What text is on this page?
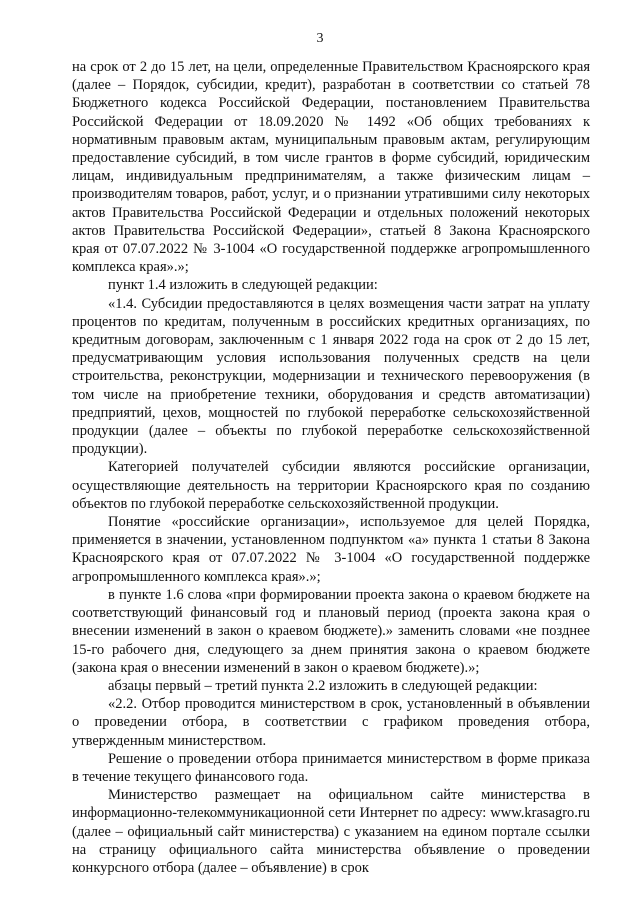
3

на срок от 2 до 15 лет, на цели, определенные Правительством Красноярского края (далее – Порядок, субсидии, кредит), разработан в соответствии со статьей 78 Бюджетного кодекса Российской Федерации, постановлением Правительства Российской Федерации от 18.09.2020 № 1492 «Об общих требованиях к нормативным правовым актам, муниципальным правовым актам, регулирующим предоставление субсидий, в том числе грантов в форме субсидий, юридическим лицам, индивидуальным предпринимателям, а также физическим лицам – производителям товаров, работ, услуг, и о признании утратившими силу некоторых актов Правительства Российской Федерации и отдельных положений некоторых актов Правительства Российской Федерации», статьей 8 Закона Красноярского края от 07.07.2022 № 3-1004 «О государственной поддержке агропромышленного комплекса края».»;

пункт 1.4 изложить в следующей редакции:

«1.4. Субсидии предоставляются в целях возмещения части затрат на уплату процентов по кредитам, полученным в российских кредитных организациях, по кредитным договорам, заключенным с 1 января 2022 года на срок от 2 до 15 лет, предусматривающим условия использования полученных средств на цели строительства, реконструкции, модернизации и технического перевооружения (в том числе на приобретение техники, оборудования и средств автоматизации) предприятий, цехов, мощностей по глубокой переработке сельскохозяйственной продукции (далее – объекты по глубокой переработке сельскохозяйственной продукции).

Категорией получателей субсидии являются российские организации, осуществляющие деятельность на территории Красноярского края по созданию объектов по глубокой переработке сельскохозяйственной продукции.

Понятие «российские организации», используемое для целей Порядка, применяется в значении, установленном подпунктом «а» пункта 1 статьи 8 Закона Красноярского края от 07.07.2022 № 3-1004 «О государственной поддержке агропромышленного комплекса края».»;

в пункте 1.6 слова «при формировании проекта закона о краевом бюджете на соответствующий финансовый год и плановый период (проекта закона края о внесении изменений в закон о краевом бюджете).» заменить словами «не позднее 15-го рабочего дня, следующего за днем принятия закона о краевом бюджете (закона края о внесении изменений в закон о краевом бюджете).»;

абзацы первый – третий пункта 2.2 изложить в следующей редакции:

«2.2. Отбор проводится министерством в срок, установленный в объявлении о проведении отбора, в соответствии с графиком проведения отбора, утвержденным министерством.

Решение о проведении отбора принимается министерством в форме приказа в течение текущего финансового года.

Министерство размещает на официальном сайте министерства в информационно-телекоммуникационной сети Интернет по адресу: www.krasagro.ru (далее – официальный сайт министерства) с указанием на едином портале ссылки на страницу официального сайта министерства объявление о проведении конкурсного отбора (далее – объявление) в срок
